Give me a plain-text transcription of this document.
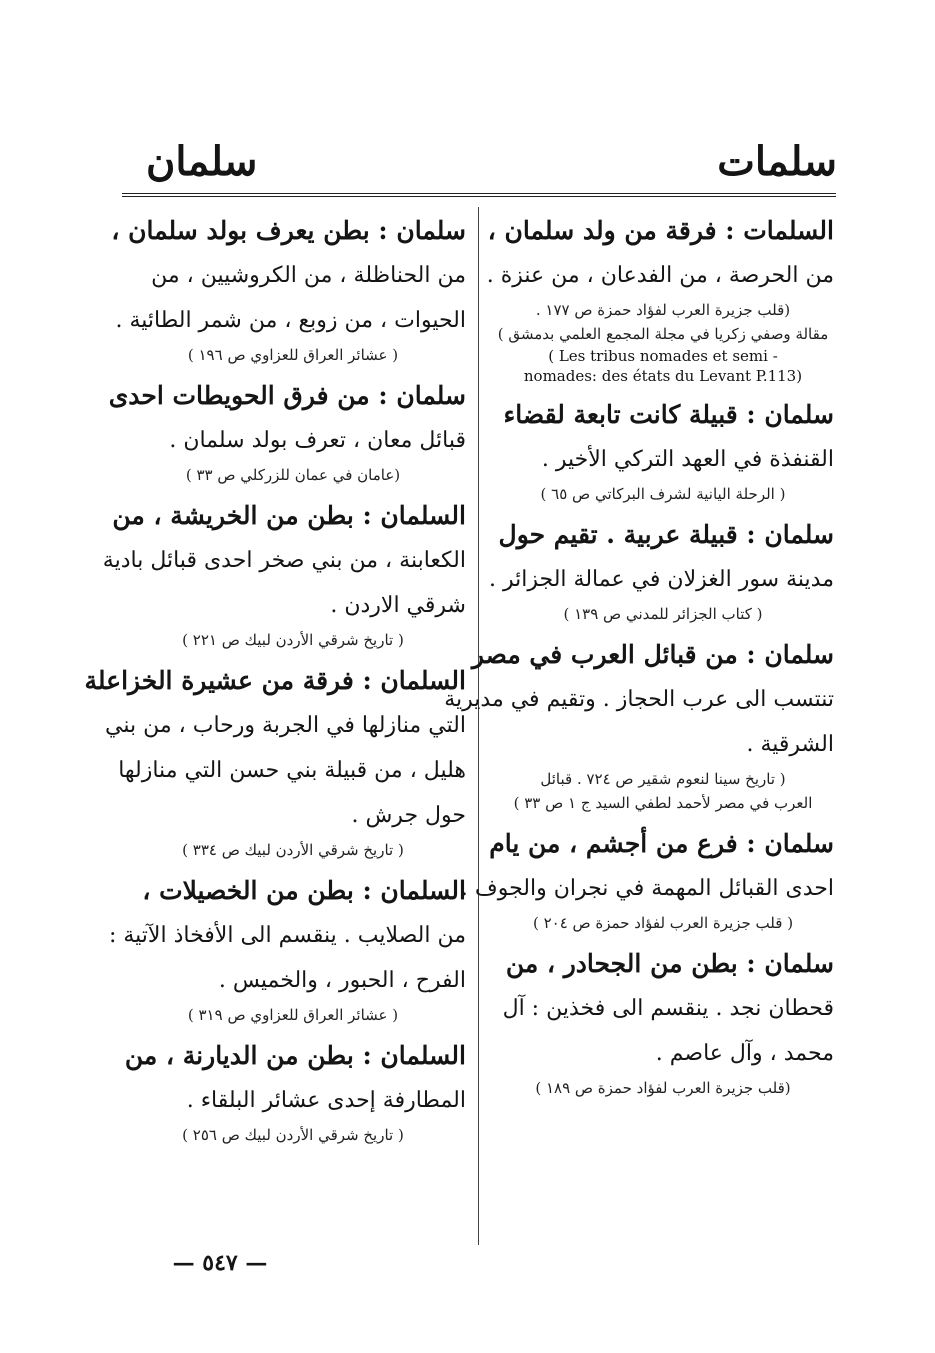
سلمات
سلمان
السلمات : فرقة من ولد سلمان ،
من الحرصة ، من الفدعان ، من عنزة .
(قلب جزيرة العرب لفؤاد حمزة ص ١٧٧ .
مقالة وصفي زكريا في مجلة المجمع العلمي بدمشق )
( Les tribus nomades et semi -
nomades: des états du Levant P.113)
سلمان : قبيلة كانت تابعة لقضاء
القنفذة في العهد التركي الأخير .
( الرحلة اليانية لشرف البركاتي ص ٦٥ )
سلمان : قبيلة عربية . تقيم حول
مدينة سور الغزلان في عمالة الجزائر .
( كتاب الجزائر للمدني ص ١٣٩ )
سلمان : من قبائل العرب في مصر
تنتسب الى عرب الحجاز . وتقيم في مديرية
الشرقية .
( تاريخ سينا لنعوم شقير ص ٧٢٤ . قبائل
العرب في مصر لأحمد لطفي السيد ج ١ ص ٣٣ )
سلمان : فرع من أجشم ، من يام
احدى القبائل المهمة في نجران والجوف .
( قلب جزيرة العرب لفؤاد حمزة ص ٢٠٤ )
سلمان : بطن من الجحادر ، من
قحطان نجد . ينقسم الى فخذين : آل
محمد ، وآل عاصم .
(قلب جزيرة العرب لفؤاد حمزة ص ١٨٩ )
سلمان : بطن يعرف بولد سلمان ،
من الحناظلة ، من الكروشيين ، من
الحيوات ، من زوبع ، من شمر الطائية .
( عشائر العراق للعزاوي ص ١٩٦ )
سلمان : من فرق الحويطات احدى
قبائل معان ، تعرف بولد سلمان .
(عامان في عمان للزركلي ص ٣٣ )
السلمان : بطن من الخريشة ، من
الكعابنة ، من بني صخر احدى قبائل بادية
شرقي الاردن .
( تاريخ شرقي الأردن لبيك ص ٢٢١ )
السلمان : فرقة من عشيرة الخزاعلة
التي منازلها في الجربة ورحاب ، من بني
هليل ، من قبيلة بني حسن التي منازلها
حول جرش .
( تاريخ شرقي الأردن لبيك ص ٣٣٤ )
السلمان : بطن من الخصيلات ،
من الصلايب . ينقسم الى الأفخاذ الآتية :
الفرح ، الحبور ، والخميس .
( عشائر العراق للعزاوي ص ٣١٩ )
السلمان : بطن من الديارنة ، من
المطارفة إحدى عشائر البلقاء .
( تاريخ شرقي الأردن لبيك ص ٢٥٦ )
— ٥٤٧ —
